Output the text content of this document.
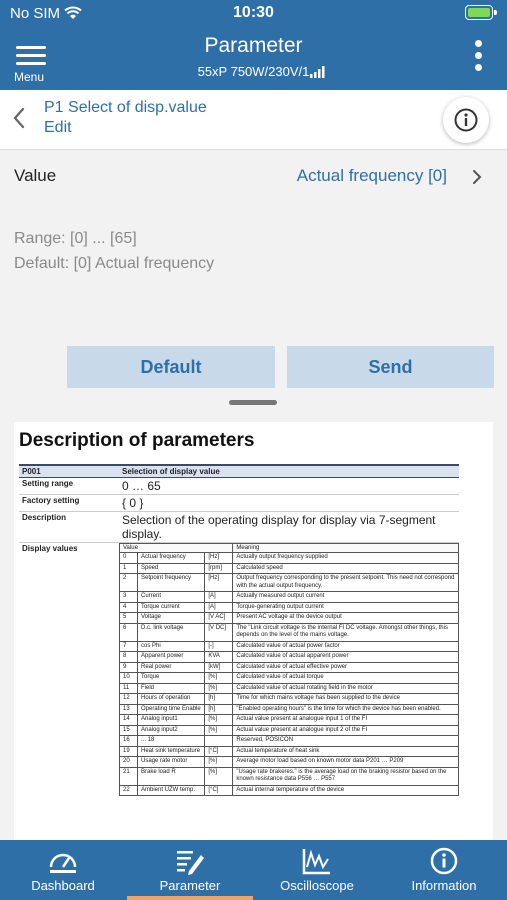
No SIM	10:30
Menu
Parameter
55xP 750W/230V/1
P1 Select of disp.value
Edit
Value	Actual frequency [0]
Range: [0] ... [65]
Default: [0] Actual frequency
Default	Send
Description of parameters
P001	Selection of display value
Setting range	0 … 65
Factory setting	{ 0 }
Description	Selection of the operating display for display via 7-segment display.
Display values		Value	Meaning
0	Actual frequency	[Hz]	Actually output frequency supplied
1	Speed	[rpm]	Calculated speed
2	Setpoint frequency	[Hz]	Output frequency corresponding to the present setpoint. This need not correspond with the actual output frequency.
3	Current	[A]	Actually measured output current
4	Torque current	[A]	Torque-generating output current
5	Voltage	[V AC]	Present AC voltage at the device output
6	D.c. link voltage	[V DC]	The "Link circuit voltage is the internal FI DC voltage. Amongst other things, this depends on the level of the mains voltage.
7	cos Phi	[-]	Calculated value of actual power factor
8	Apparent power	KVA	Calculated value of actual apparent power
9	Real power	[kW]	Calculated value of actual effective power
10	Torque	[%]	Calculated value of actual torque
11	Field	[%]	Calculated value of actual rotating field in the motor
12	Hours of operation	[h]	Time for which mains voltage has been supplied to the device
13	Operating time Enable	[h]	"Enabled operating hours" is the time for which the device has been enabled.
14	Analog input1	[%]	Actual value present at analogue input 1 of the FI
15	Analog input2	[%]	Actual value present at analogue input 2 of the FI
16	... 18		Reserved, POSICON
19	Heat sink temperature	[°C]	Actual temperature of heat sink
20	Usage rate motor	[%]	Average motor load based on known motor data P201 … P209
21	Brake load R	[%]	"Usage rate brakeres." is the average load on the braking resistor based on the known resistance data P556 … P557
22	Ambient UZW temp.	[°C]	Actual internal temperature of the device
Dashboard	Parameter	Oscilloscope	Information
